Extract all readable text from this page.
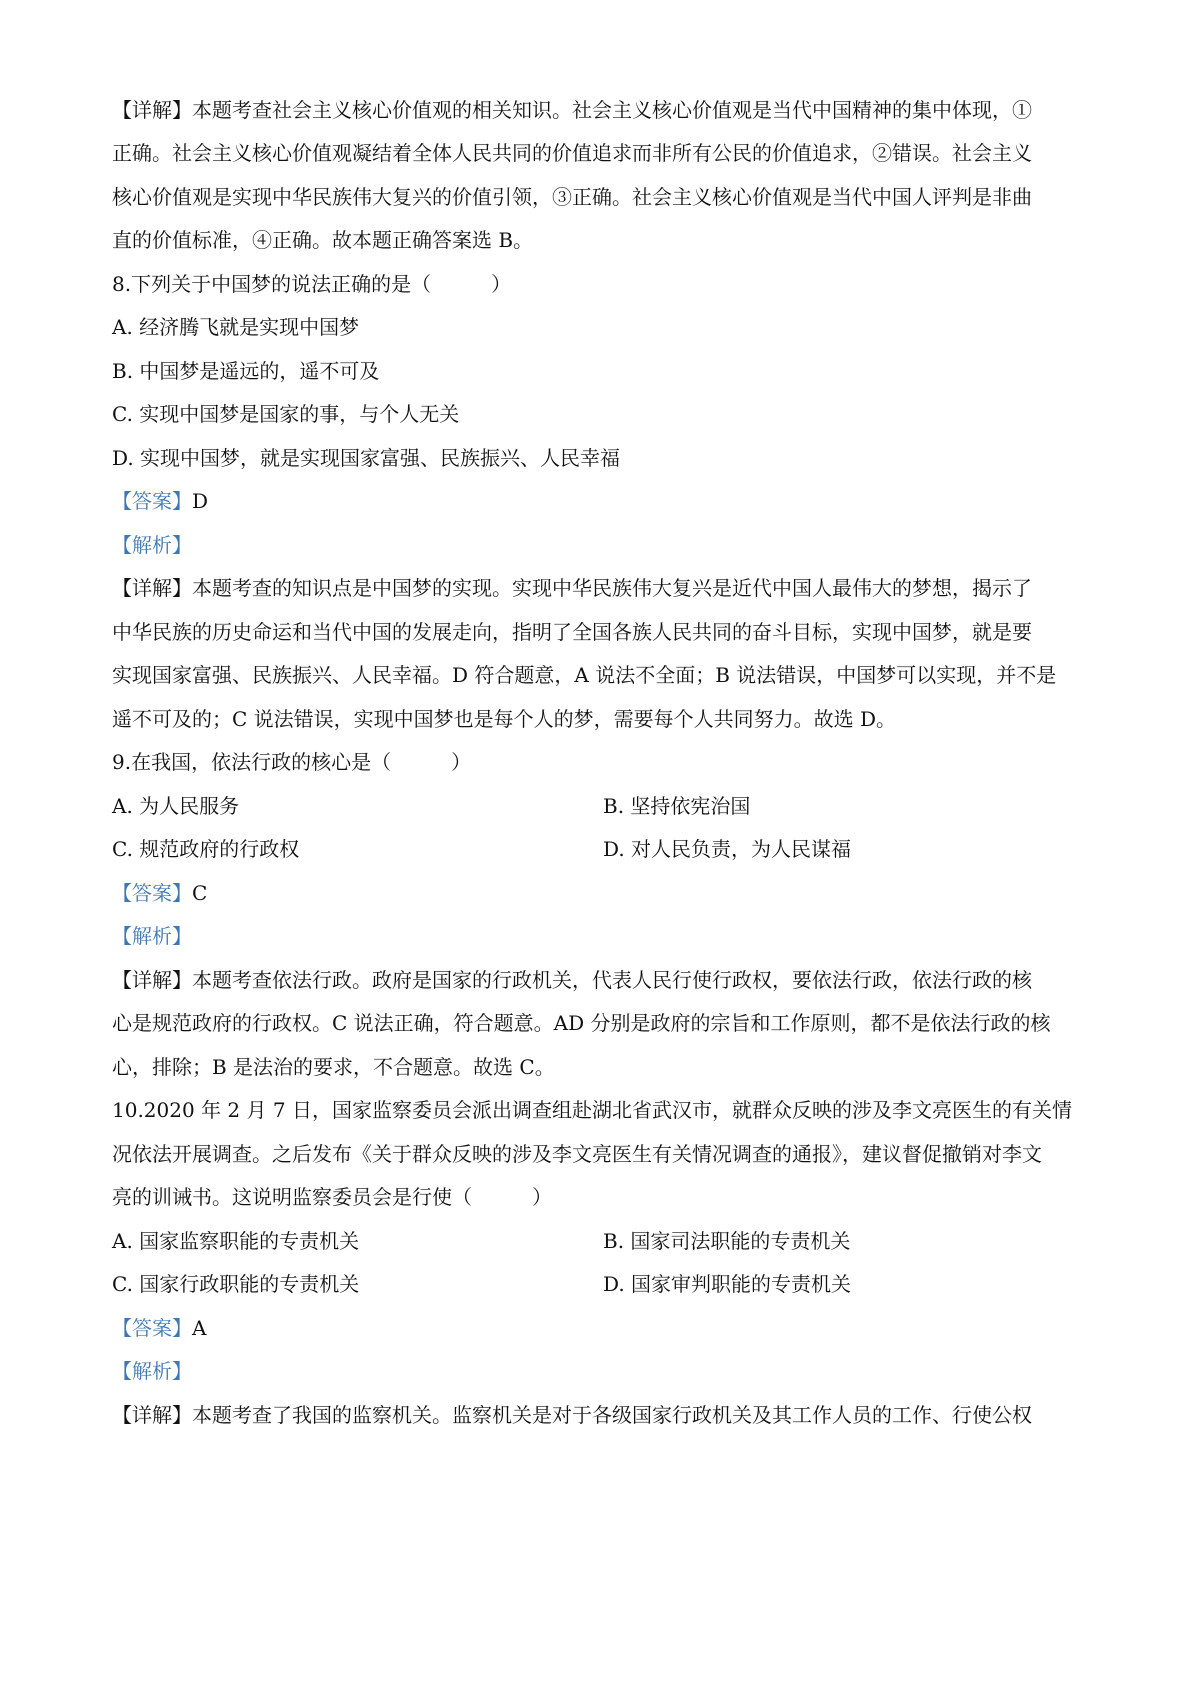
【详解】本题考查社会主义核心价值观的相关知识。社会主义核心价值观是当代中国精神的集中体现，①
正确。社会主义核心价值观凝结着全体人民共同的价值追求而非所有公民的价值追求，②错误。社会主义
核心价值观是实现中华民族伟大复兴的价值引领，③正确。社会主义核心价值观是当代中国人评判是非曲
直的价值标准，④正确。故本题正确答案选 B。
8.下列关于中国梦的说法正确的是（　　　）
A. 经济腾飞就是实现中国梦
B. 中国梦是遥远的，遥不可及
C. 实现中国梦是国家的事，与个人无关
D. 实现中国梦，就是实现国家富强、民族振兴、人民幸福
【答案】D
【解析】
【详解】本题考查的知识点是中国梦的实现。实现中华民族伟大复兴是近代中国人最伟大的梦想，揭示了
中华民族的历史命运和当代中国的发展走向，指明了全国各族人民共同的奋斗目标，实现中国梦，就是要
实现国家富强、民族振兴、人民幸福。D 符合题意，A 说法不全面；B 说法错误，中国梦可以实现，并不是
遥不可及的；C 说法错误，实现中国梦也是每个人的梦，需要每个人共同努力。故选 D。
9.在我国，依法行政的核心是（　　　）
A. 为人民服务	B. 坚持依宪治国
C. 规范政府的行政权	D. 对人民负责，为人民谋福
【答案】C
【解析】
【详解】本题考查依法行政。政府是国家的行政机关，代表人民行使行政权，要依法行政，依法行政的核
心是规范政府的行政权。C 说法正确，符合题意。AD 分别是政府的宗旨和工作原则，都不是依法行政的核
心，排除；B 是法治的要求，不合题意。故选 C。
10.2020 年 2 月 7 日，国家监察委员会派出调查组赴湖北省武汉市，就群众反映的涉及李文亮医生的有关情
况依法开展调查。之后发布《关于群众反映的涉及李文亮医生有关情况调查的通报》，建议督促撤销对李文
亮的训诫书。这说明监察委员会是行使（　　　）
A. 国家监察职能的专责机关	B. 国家司法职能的专责机关
C. 国家行政职能的专责机关	D. 国家审判职能的专责机关
【答案】A
【解析】
【详解】本题考查了我国的监察机关。监察机关是对于各级国家行政机关及其工作人员的工作、行使公权
